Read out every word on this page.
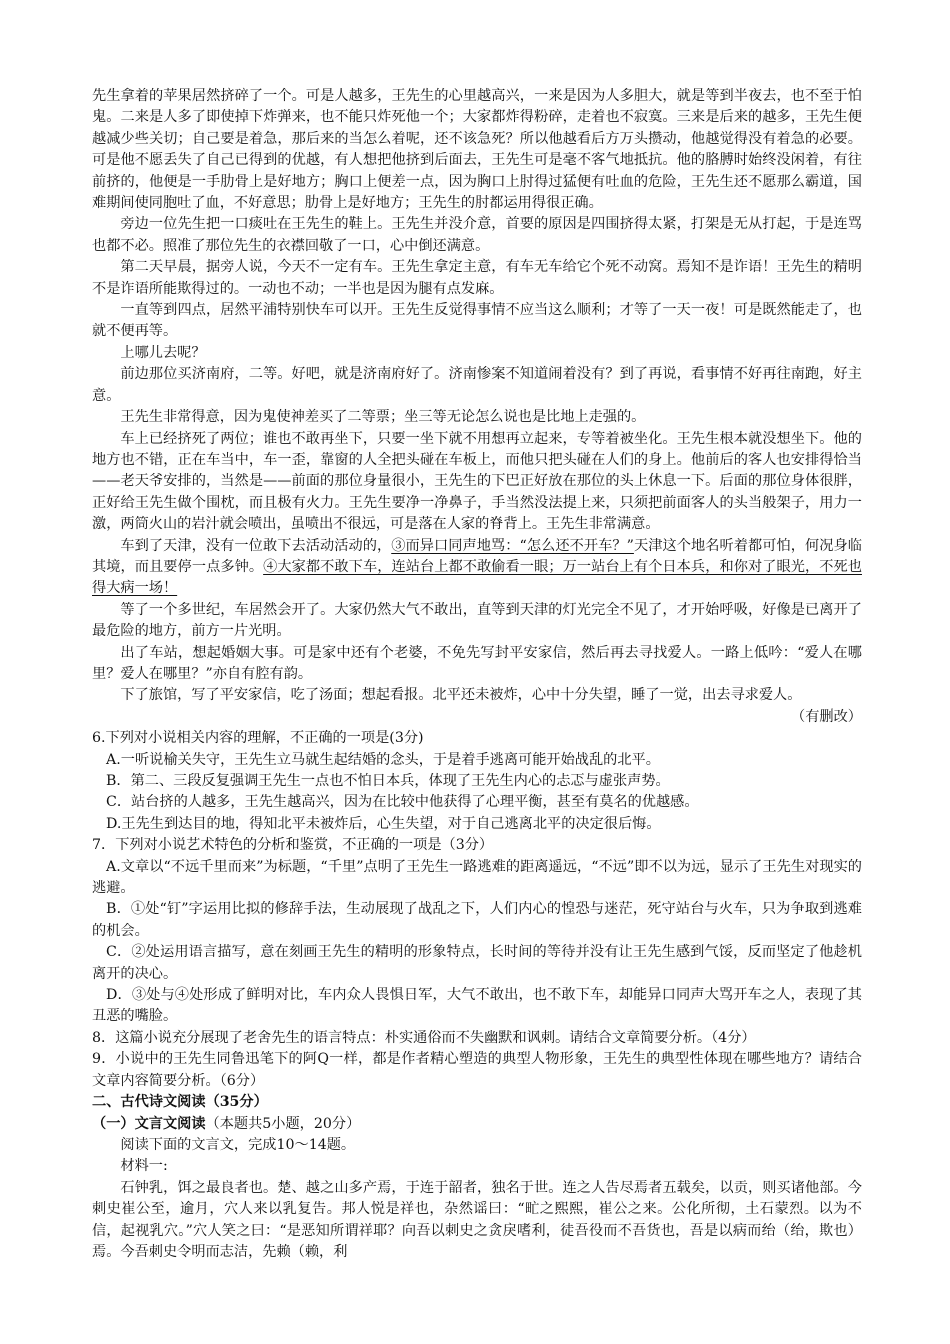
先生拿着的苹果居然挤碎了一个。可是人越多，王先生的心里越高兴，一来是因为人多胆大，就是等到半夜去，也不至于怕鬼。二来是人多了即使掉下炸弹来，也不能只炸死他一个；大家都炸得粉碎，走着也不寂寞。三来是后来的越多，王先生便越减少些关切；自己要是着急，那后来的当怎么着呢，还不该急死？所以他越看后方万头攒动，他越觉得没有着急的必要。可是他不愿丢失了自己已得到的优越，有人想把他挤到后面去，王先生可是毫不客气地抵抗。他的胳膊时始终没闲着，有往前挤的，他便是一手肋骨上是好地方；胸口上便差一点，因为胸口上肘得过猛便有吐血的危险，王先生还不愿那么霸道，国难期间使同胞吐了血，不好意思；肋骨上是好地方；王先生的肘都运用得很正确。

旁边一位先生把一口痰吐在王先生的鞋上。王先生并没介意，首要的原因是四围挤得太紧，打架是无从打起，于是连骂也都不必。照准了那位先生的衣襟回敬了一口，心中倒还满意。

第二天早晨，据旁人说，今天不一定有车。王先生拿定主意，有车无车给它个死不动窝。焉知不是诈语！王先生的精明不是诈语所能欺得过的。一动也不动；一半也是因为腿有点发麻。

一直等到四点，居然平浦特别快车可以开。王先生反觉得事情不应当这么顺利；才等了一天一夜！可是既然能走了，也就不便再等。

上哪儿去呢？

前边那位买济南府，二等。好吧，就是济南府好了。济南惨案不知道闹着没有？到了再说，看事情不好再往南跑，好主意。

王先生非常得意，因为鬼使神差买了二等票；坐三等无论怎么说也是比地上走强的。

车上已经挤死了两位；谁也不敢再坐下，只要一坐下就不用想再立起来，专等着被坐化。王先生根本就没想坐下。他的地方也不错，正在车当中，车一歪，靠窗的人全把头碰在车板上，而他只把头碰在人们的身上。他前后的客人也安排得恰当——老天爷安排的，当然是——前面的那位身量很小，王先生的下巴正好放在那位的头上休息一下。后面的那位身体很胖，正好给王先生做个围枕，而且极有火力。王先生要净一净鼻子，手当然没法提上来，只须把前面客人的头当般架子，用力一激，两筒火山的岩汁就会喷出，虽喷出不很远，可是落在人家的脊背上。王先生非常满意。

车到了天津，没有一位敢下去活动活动的，③而异口同声地骂：“怎么还不开车？”天津这个地名听着都可怕，何况身临其境，而且要停一点多钟。④大家都不敢下车，连站台上都不敢偷看一眼；万一站台上有个日本兵，和你对了眼光，不死也得大病一场！

等了一个多世纪，车居然会开了。大家仍然大气不敢出，直等到天津的灯光完全不见了，才开始呼吸，好像是已离开了最危险的地方，前方一片光明。

出了车站，想起婚姻大事。可是家中还有个老婆，不免先写封平安家信，然后再去寻找爱人。一路上低吟：“爱人在哪里？爱人在哪里？”亦自有腔有韵。

下了旅馆，写了平安家信，吃了汤面；想起看报。北平还未被炸，心中十分失望，睡了一觉，出去寻求爱人。

（有删改）

6.下列对小说相关内容的理解，不正确的一项是(3分)

A.一听说榆关失守，王先生立马就生起结婚的念头，于是着手逃离可能开始战乱的北平。

B．第二、三段反复强调王先生一点也不怕日本兵，体现了王先生内心的忐忑与虚张声势。

C．站台挤的人越多，王先生越高兴，因为在比较中他获得了心理平衡，甚至有莫名的优越感。

D.王先生到达目的地，得知北平未被炸后，心生失望，对于自己逃离北平的决定很后悔。

7．下列对小说艺术特色的分析和鉴赏，不正确的一项是（3分）

A.文章以“不远千里而来”为标题，“千里”点明了王先生一路逃难的距离遥远，“不远”即不以为远，显示了王先生对现实的逃避。

B．①处“钉”字运用比拟的修辞手法，生动展现了战乱之下，人们内心的惶恐与迷茫，死守站台与火车，只为争取到逃难的机会。

C．②处运用语言描写，意在刻画王先生的精明的形象特点，长时间的等待并没有让王先生感到气馁，反而坚定了他趁机离开的决心。

D．③处与④处形成了鲜明对比，车内众人畏惧日军，大气不敢出，也不敢下车，却能异口同声大骂开车之人，表现了其丑恶的嘴脸。

8．这篇小说充分展现了老舍先生的语言特点：朴实通俗而不失幽默和讽刺。请结合文章简要分析。（4分）

9．小说中的王先生同鲁迅笔下的阿Q一样，都是作者精心塑造的典型人物形象，王先生的典型性体现在哪些地方？请结合文章内容简要分析。（6分）

二、古代诗文阅读（35分）

（一）文言文阅读（本题共5小题，20分）

阅读下面的文言文，完成10～14题。

材料一:

石钟乳，饵之最良者也。楚、越之山多产焉，于连于韶者，独名于世。连之人告尽焉者五载矣，以贡，则买诸他部。今刺史崔公至，逾月，穴人来以乳复告。邦人悦是祥也，杂然谣曰：“甿之熙熙，崔公之来。公化所彻，土石蒙烈。以为不信，起视乳穴。”穴人笑之曰：“是恶知所谓祥耶？向吾以刺史之贪戾嗜利，徒吾役而不吾货也，吾是以病而绐（绐，欺也）焉。今吾刺史令明而志洁，先赖（赖，利
